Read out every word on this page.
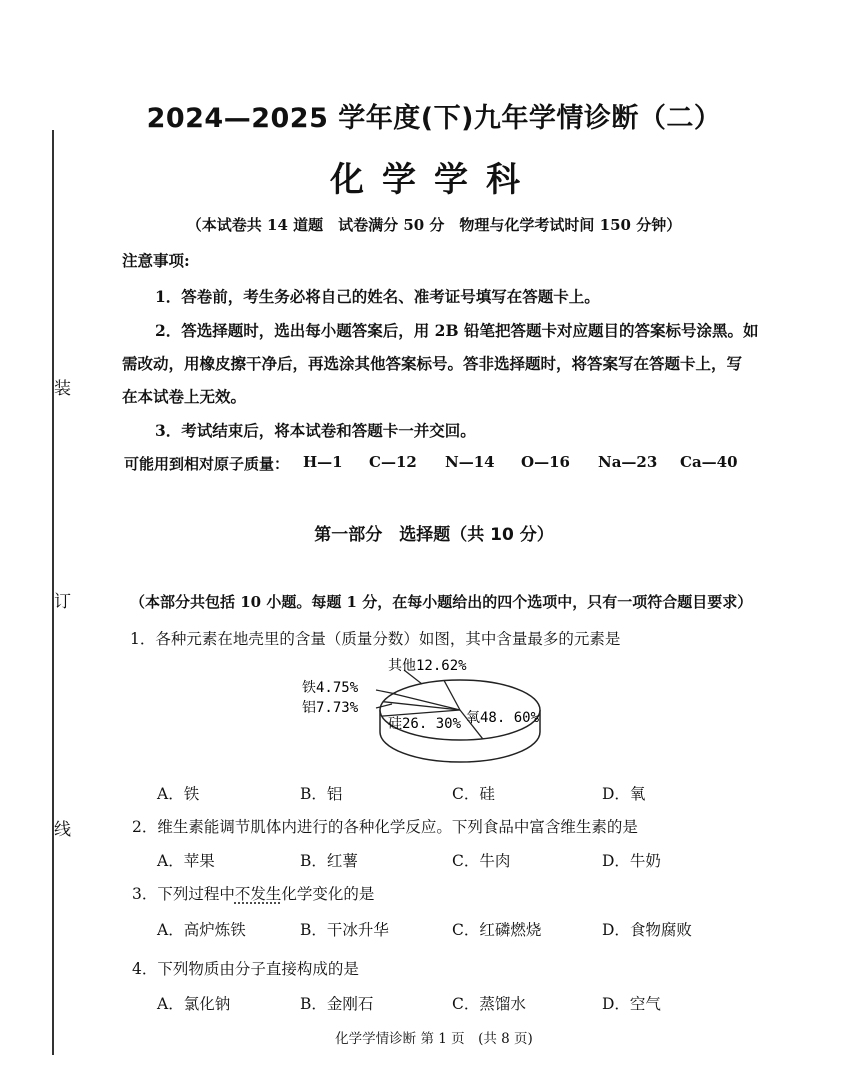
装
订
线
2024—2025 学年度(下)九年学情诊断（二）
化学学科
（本试卷共 14 道题　试卷满分 50 分　物理与化学考试时间 150 分钟）
注意事项:
1．答卷前，考生务必将自己的姓名、准考证号填写在答题卡上。
2．答选择题时，选出每小题答案后，用 2B 铅笔把答题卡对应题目的答案标号涂黑。如
需改动，用橡皮擦干净后，再选涂其他答案标号。答非选择题时，将答案写在答题卡上，写
在本试卷上无效。
3．考试结束后，将本试卷和答题卡一并交回。
可能用到相对原子质量： H—1 C—12 N—14 O—16 Na—23 Ca—40
第一部分　选择题（共 10 分）
（本部分共包括 10 小题。每题 1 分，在每小题给出的四个选项中，只有一项符合题目要求）
1．各种元素在地壳里的含量（质量分数）如图，其中含量最多的元素是
其他12.62%
铁4.75%
铝7.73%
硅26. 30% 氧48. 60%
A．铁	B．铝	C．硅	D．氧
2．维生素能调节肌体内进行的各种化学反应。下列食品中富含维生素的是
A．苹果	B．红薯	C．牛肉	D．牛奶
3．下列过程中不发生化学变化的是
A．高炉炼铁	B．干冰升华	C．红磷燃烧	D．食物腐败
4．下列物质由分子直接构成的是
A．氯化钠	B．金刚石	C．蒸馏水	D．空气
化学学情诊断 第 1 页　(共 8 页)
